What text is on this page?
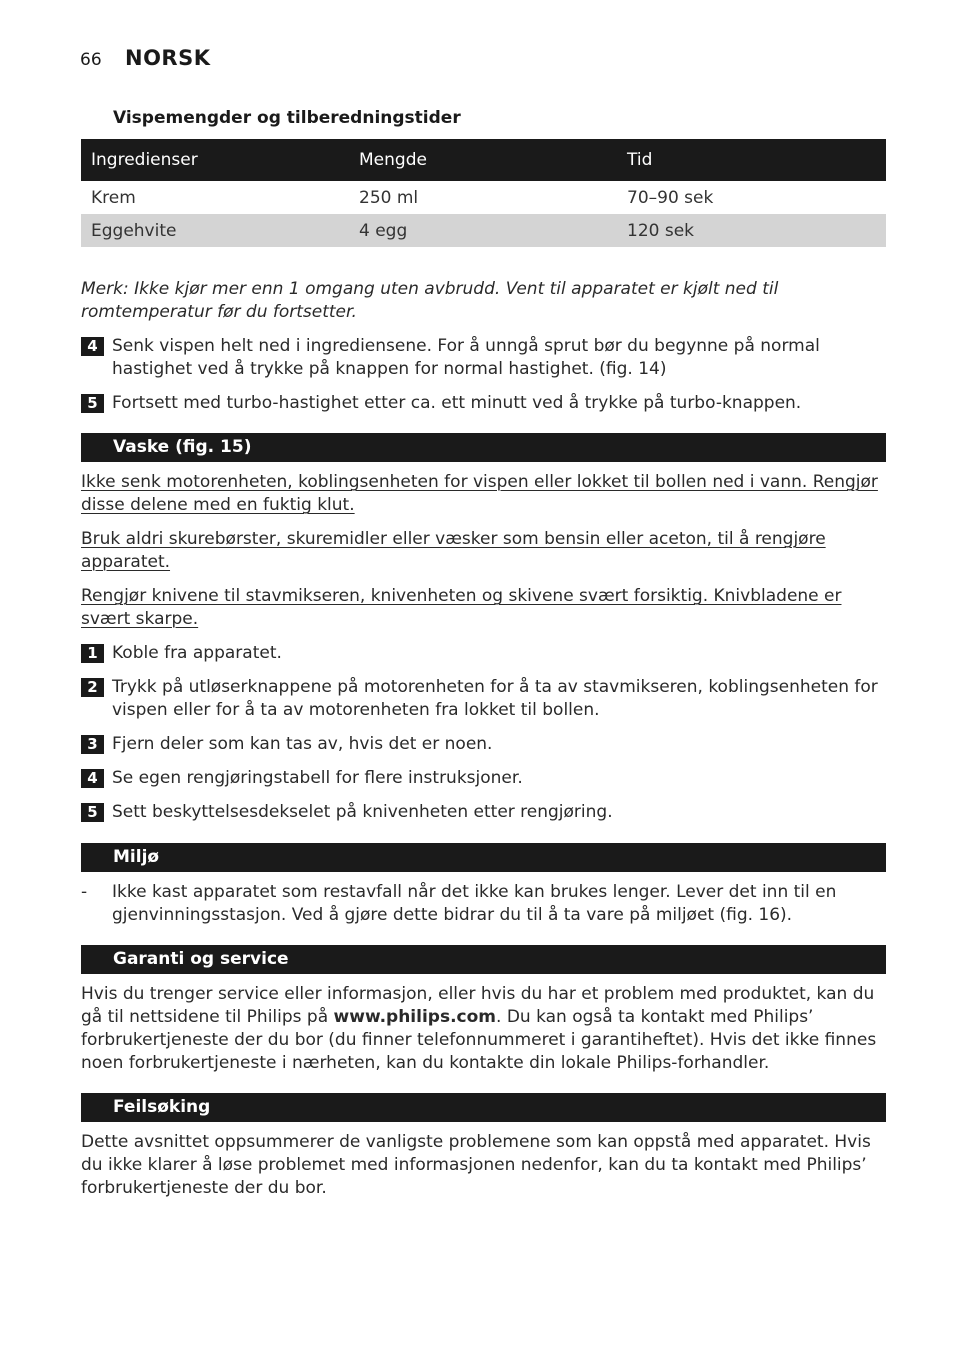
66 NORSK
Vispemengder og tilberedningstider
Ingredienser	Mengde	Tid
Krem	250 ml	70–90 sek
Eggehvite	4 egg	120 sek
Merk: Ikke kjør mer enn 1 omgang uten avbrudd. Vent til apparatet er kjølt ned til romtemperatur før du fortsetter.
4 Senk vispen helt ned i ingrediensene. For å unngå sprut bør du begynne på normal hastighet ved å trykke på knappen for normal hastighet. (fig. 14)
5 Fortsett med turbo-hastighet etter ca. ett minutt ved å trykke på turbo-knappen.
Vaske (fig. 15)
Ikke senk motorenheten, koblingsenheten for vispen eller lokket til bollen ned i vann. Rengjør disse delene med en fuktig klut.
Bruk aldri skurebørster, skuremidler eller væsker som bensin eller aceton, til å rengjøre apparatet.
Rengjør knivene til stavmikseren, knivenheten og skivene svært forsiktig. Knivbladene er svært skarpe.
1 Koble fra apparatet.
2 Trykk på utløserknappene på motorenheten for å ta av stavmikseren, koblingsenheten for vispen eller for å ta av motorenheten fra lokket til bollen.
3 Fjern deler som kan tas av, hvis det er noen.
4 Se egen rengjøringstabell for flere instruksjoner.
5 Sett beskyttelsesdekselet på knivenheten etter rengjøring.
Miljø
- Ikke kast apparatet som restavfall når det ikke kan brukes lenger. Lever det inn til en gjenvinningsstasjon. Ved å gjøre dette bidrar du til å ta vare på miljøet (fig. 16).
Garanti og service
Hvis du trenger service eller informasjon, eller hvis du har et problem med produktet, kan du gå til nettsidene til Philips på www.philips.com. Du kan også ta kontakt med Philips’ forbrukertjeneste der du bor (du finner telefonnummeret i garantiheftet). Hvis det ikke finnes noen forbrukertjeneste i nærheten, kan du kontakte din lokale Philips-forhandler.
Feilsøking
Dette avsnittet oppsummerer de vanligste problemene som kan oppstå med apparatet. Hvis du ikke klarer å løse problemet med informasjonen nedenfor, kan du ta kontakt med Philips’ forbrukertjeneste der du bor.
